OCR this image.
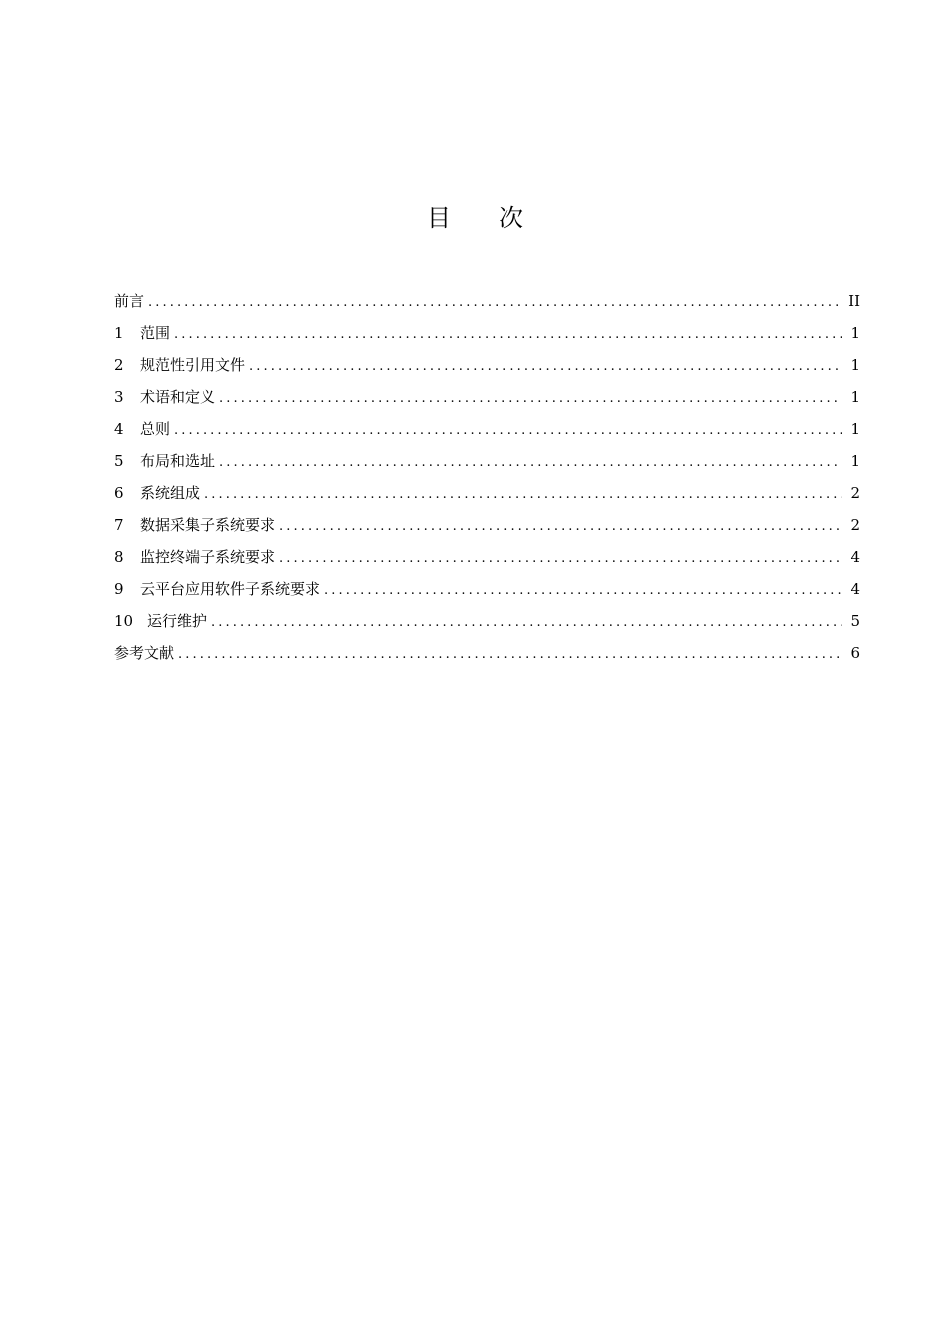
目 次
前言 .....	II
1	范围 .....	1
2	规范性引用文件 .....	1
3	术语和定义 .....	1
4	总则 .....	1
5	布局和选址 .....	1
6	系统组成 .....	2
7	数据采集子系统要求 .....	2
8	监控终端子系统要求 .....	4
9	云平台应用软件子系统要求 .....	4
10 运行维护 .....	5
参考文献 .....	6
